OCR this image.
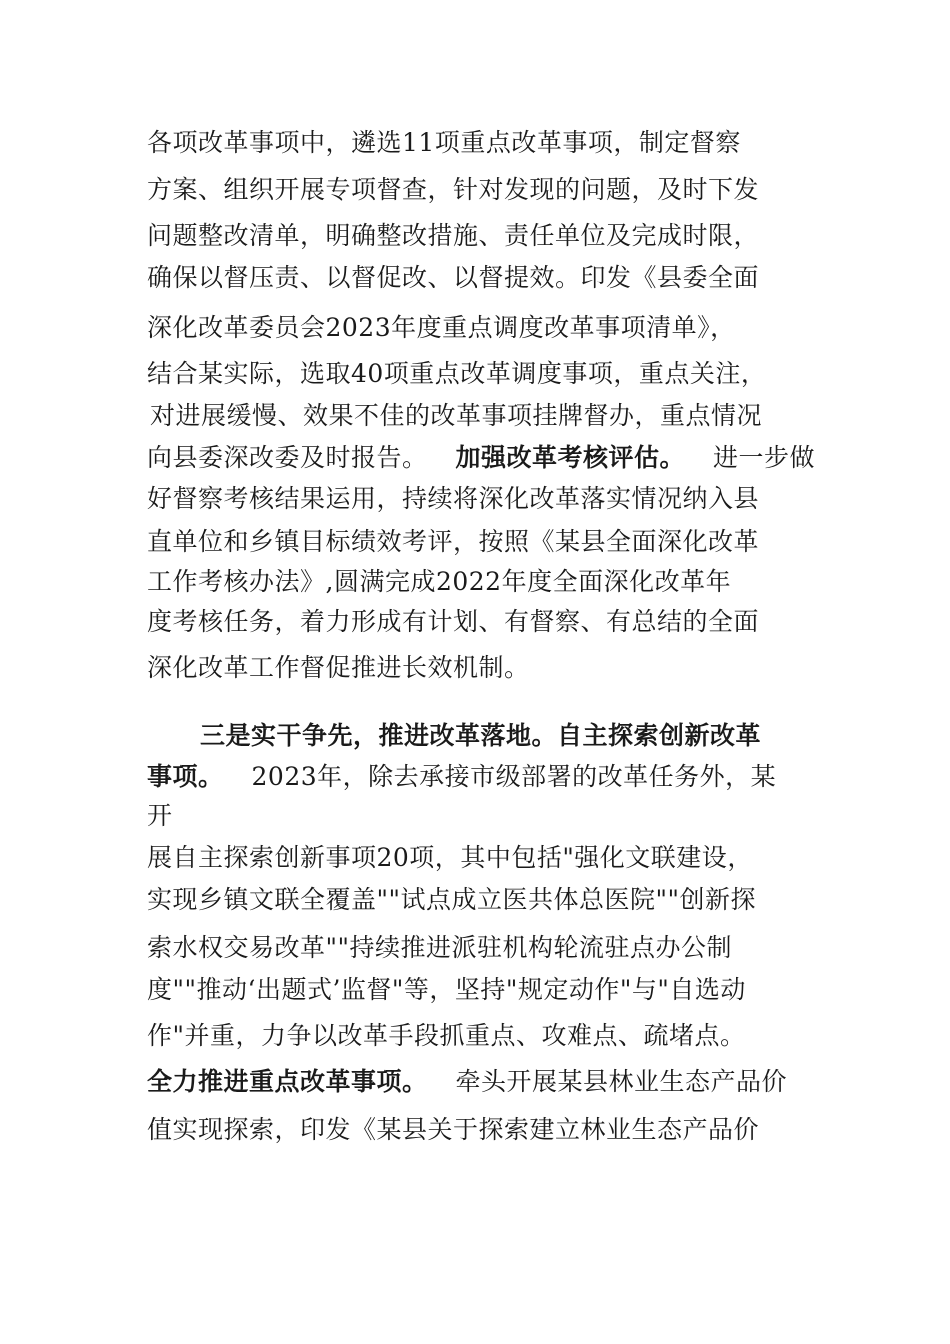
各项改革事项中，遴选11项重点改革事项，制定督察
方案、组织开展专项督查，针对发现的问题，及时下发
问题整改清单，明确整改措施、责任单位及完成时限，
确保以督压责、以督促改、以督提效。印发《县委全面
深化改革委员会2023年度重点调度改革事项清单》，
结合某实际，选取40项重点改革调度事项，重点关注，
对进展缓慢、效果不佳的改革事项挂牌督办，重点情况
向县委深改委及时报告。 加强改革考核评估。 进一步做
好督察考核结果运用，持续将深化改革落实情况纳入县
直单位和乡镇目标绩效考评，按照《某县全面深化改革
工作考核办法》,圆满完成2022年度全面深化改革年
度考核任务，着力形成有计划、有督察、有总结的全面
深化改革工作督促推进长效机制。
三是实干争先，推进改革落地。自主探索创新改革
事项。 2023年，除去承接市级部署的改革任务外，某
开
展自主探索创新事项20项，其中包括"强化文联建设，
实现乡镇文联全覆盖""试点成立医共体总医院""创新探
索水权交易改革""持续推进派驻机构轮流驻点办公制
度""推动‘出题式’监督"等，坚持"规定动作"与"自选动
作"并重，力争以改革手段抓重点、攻难点、疏堵点。
全力推进重点改革事项。 牵头开展某县林业生态产品价
值实现探索，印发《某县关于探索建立林业生态产品价
